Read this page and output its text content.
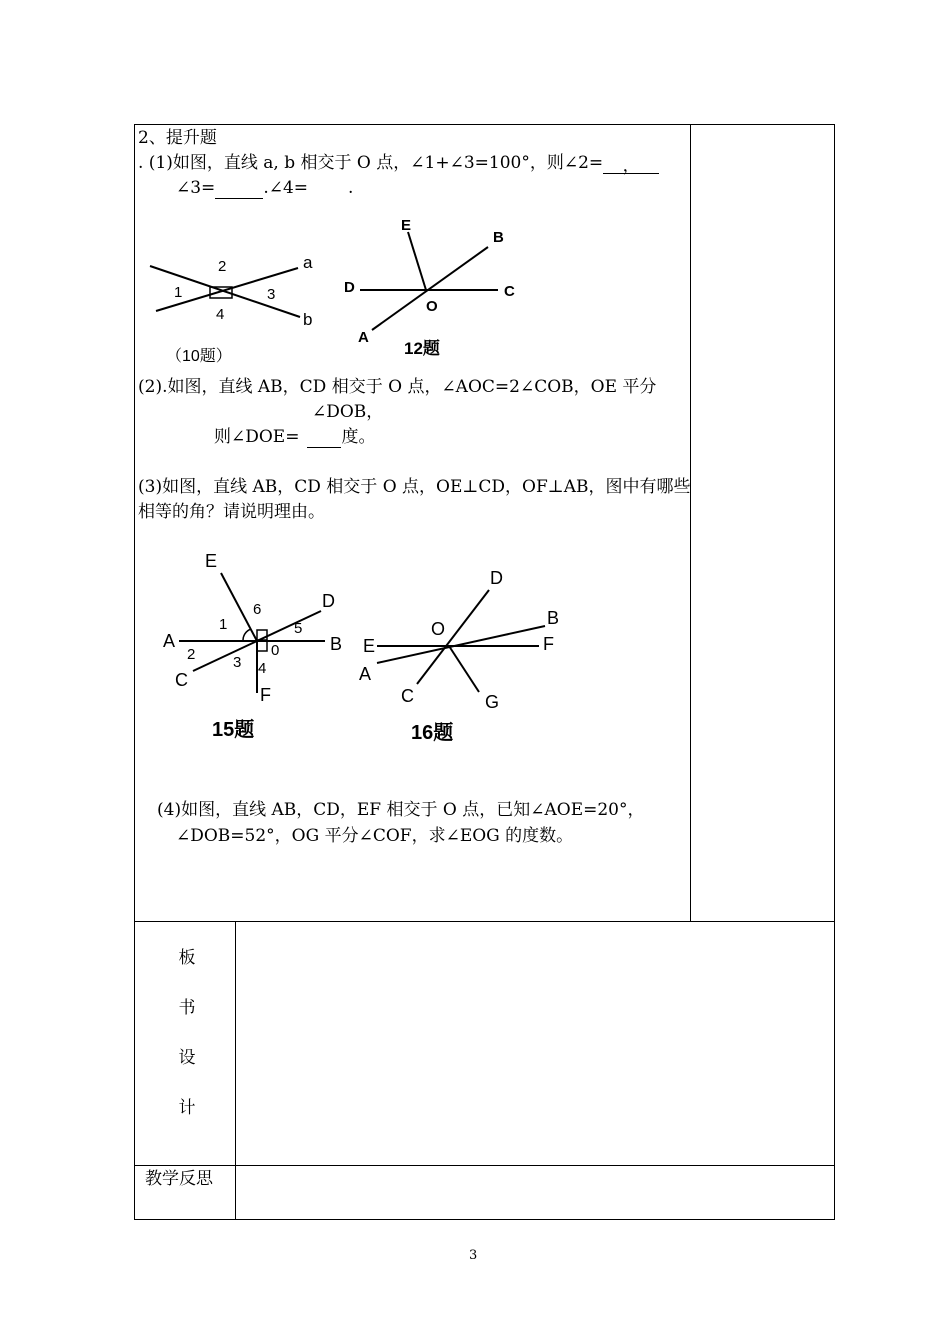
2、提升题
. (1)如图，直线 a, b 相交于 O 点，∠1+∠3=100°，则∠2= ，
∠3=	.∠4= .
2	a
1	3
4	b
（10题）
E
B
D	C
O
A
12题
(2).如图，直线 AB，CD 相交于 O 点，∠AOC=2∠COB，OE 平分
∠DOB，
则∠DOE= 度。
(3)如图，直线 AB，CD 相交于 O 点，OE⊥CD，OF⊥AB，图中有哪些
相等的角？请说明理由。
E
6	D
1	5
A	B
2	0
3 4
C
F
15题
D
O
B
E	F
A
C	G
16题
(4)如图，直线 AB，CD，EF 相交于 O 点，已知∠AOE=20°，
∠DOB=52°，OG 平分∠COF，求∠EOG 的度数。
板
书
设
计
教学反思
3
